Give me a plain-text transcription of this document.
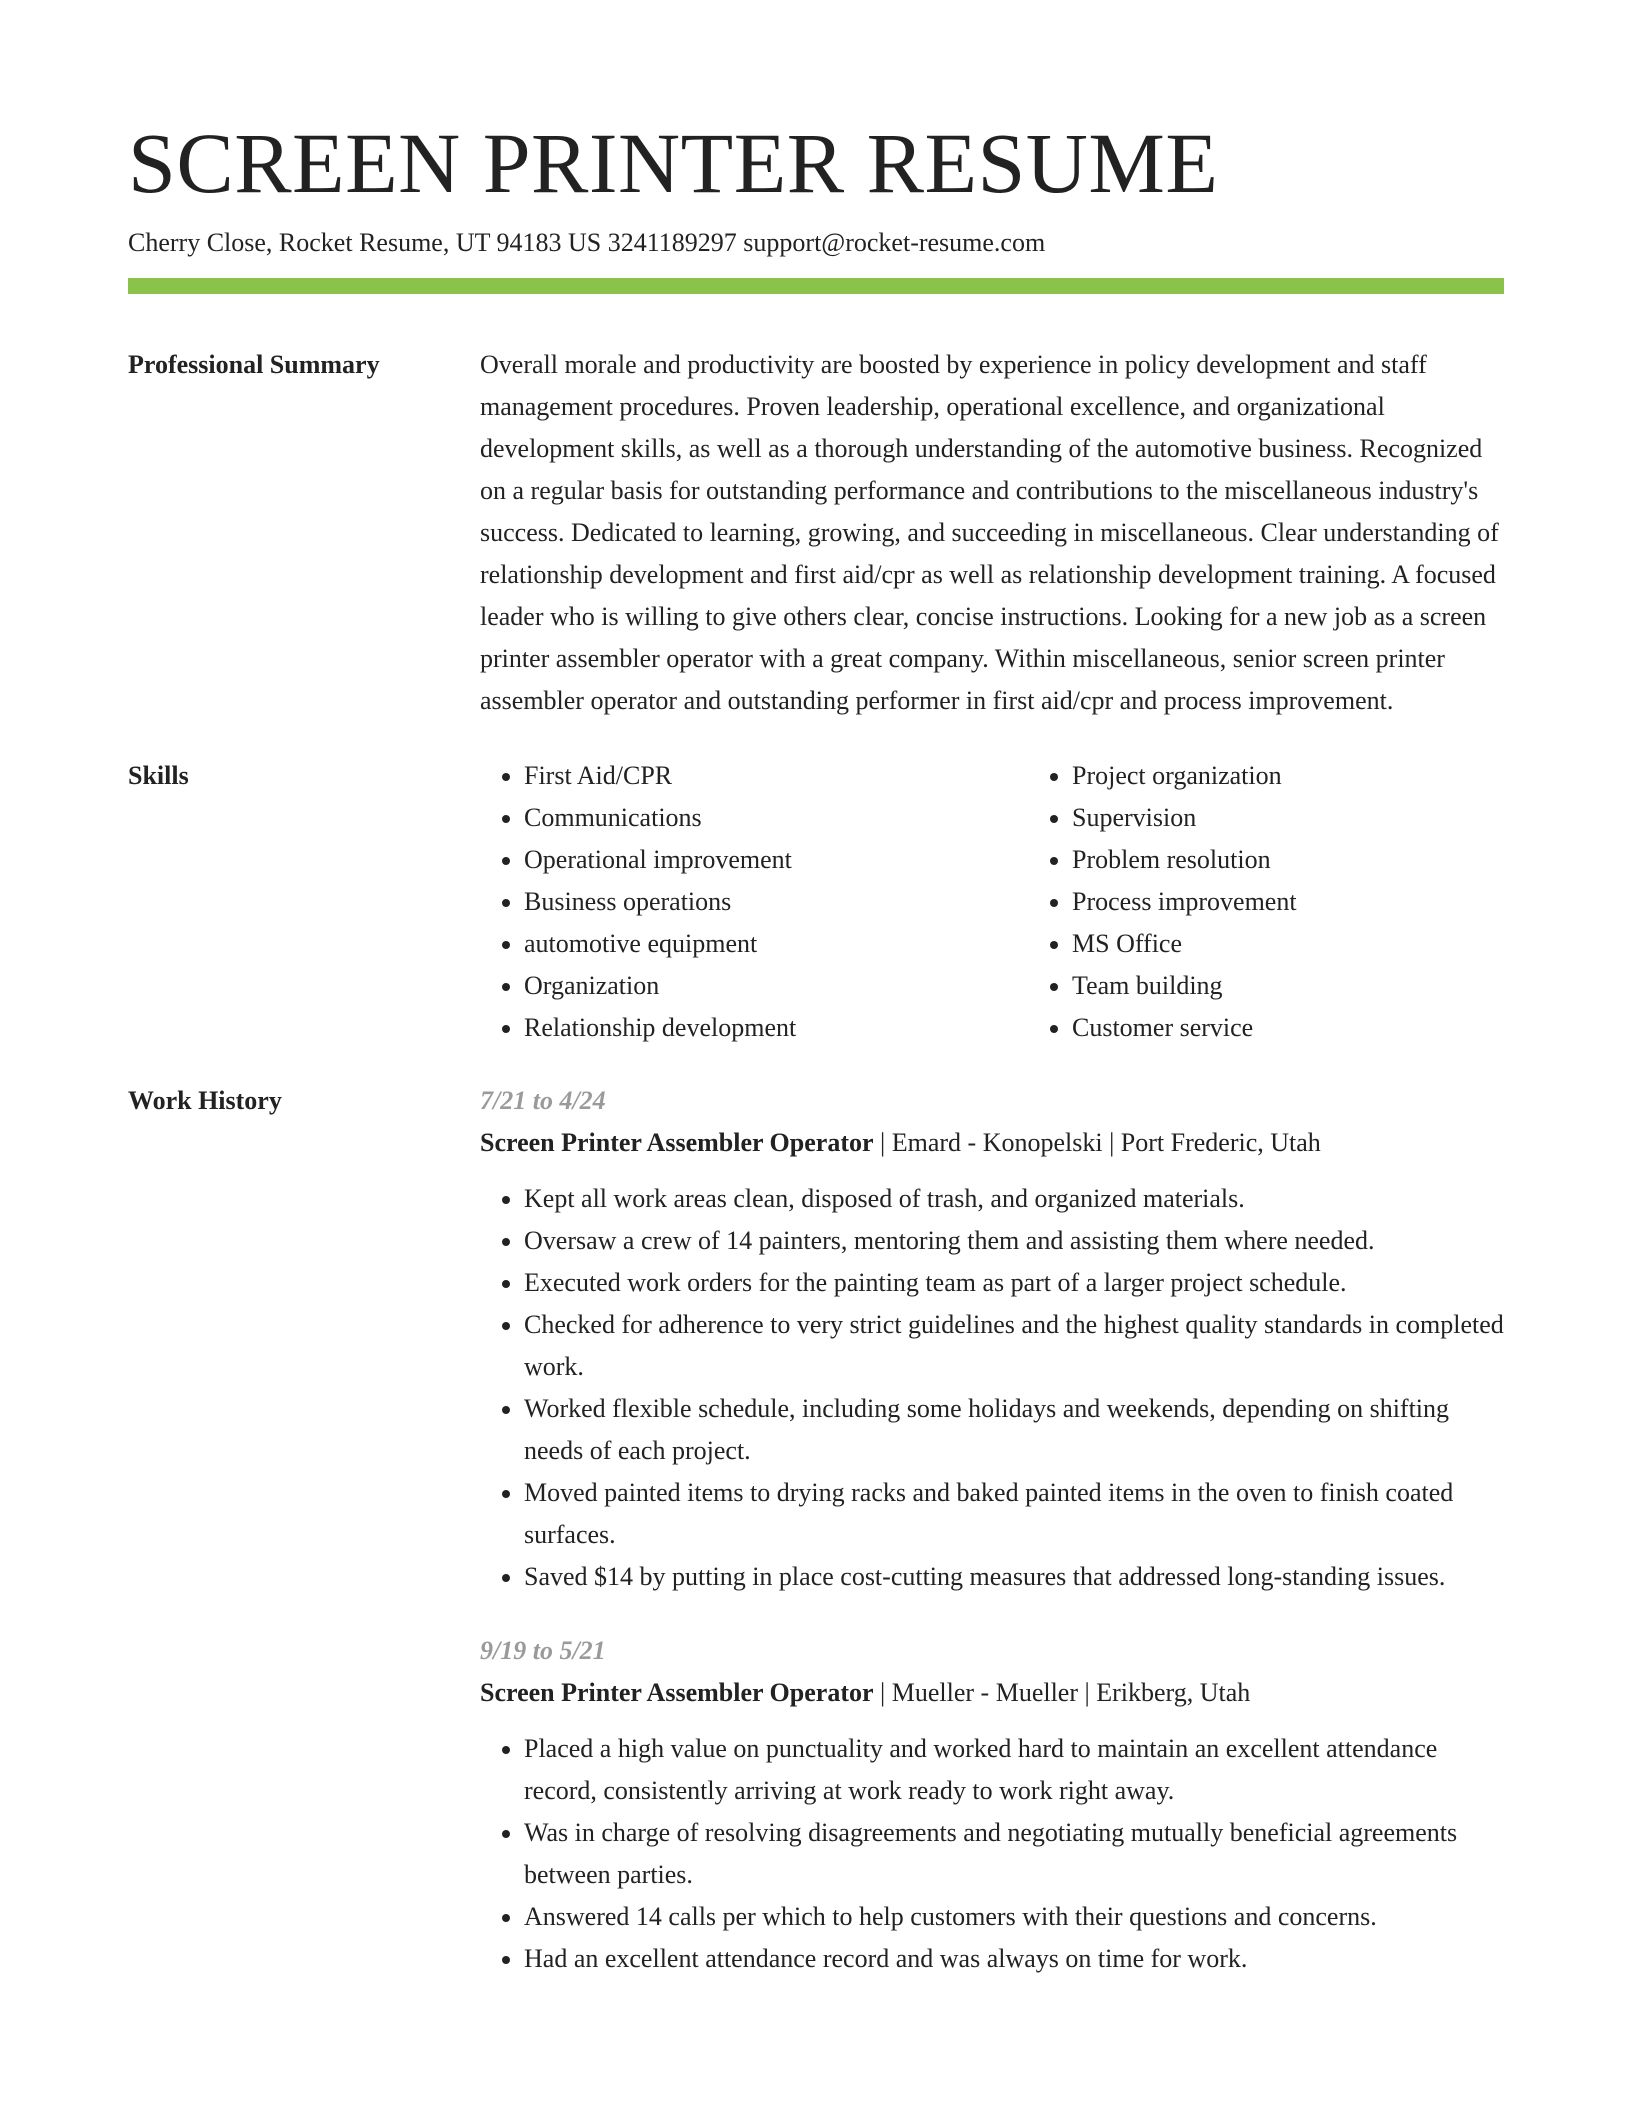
SCREEN PRINTER RESUME
Cherry Close, Rocket Resume, UT 94183 US 3241189297 support@rocket-resume.com
Professional Summary	Overall morale and productivity are boosted by experience in policy development and staff management procedures. Proven leadership, operational excellence, and organizational development skills, as well as a thorough understanding of the automotive business. Recognized on a regular basis for outstanding performance and contributions to the miscellaneous industry's success. Dedicated to learning, growing, and succeeding in miscellaneous. Clear understanding of relationship development and first aid/cpr as well as relationship development training. A focused leader who is willing to give others clear, concise instructions. Looking for a new job as a screen printer assembler operator with a great company. Within miscellaneous, senior screen printer assembler operator and outstanding performer in first aid/cpr and process improvement.
Skills
•	First Aid/CPR
• Communications
• Operational improvement
• Business operations
• automotive equipment
• Organization
• Relationship development
• Project organization
• Supervision
• Problem resolution
• Process improvement
• MS Office
• Team building
• Customer service
Work History	7/21 to 4/24
Screen Printer Assembler Operator | Emard - Konopelski | Port Frederic, Utah
• Kept all work areas clean, disposed of trash, and organized materials.
• Oversaw a crew of 14 painters, mentoring them and assisting them where needed.
• Executed work orders for the painting team as part of a larger project schedule.
• Checked for adherence to very strict guidelines and the highest quality standards in completed work.
• Worked flexible schedule, including some holidays and weekends, depending on shifting needs of each project.
• Moved painted items to drying racks and baked painted items in the oven to finish coated surfaces.
• Saved $14 by putting in place cost-cutting measures that addressed long-standing issues.
9/19 to 5/21
Screen Printer Assembler Operator | Mueller - Mueller | Erikberg, Utah
• Placed a high value on punctuality and worked hard to maintain an excellent attendance record, consistently arriving at work ready to work right away.
• Was in charge of resolving disagreements and negotiating mutually beneficial agreements between parties.
• Answered 14 calls per which to help customers with their questions and concerns.
• Had an excellent attendance record and was always on time for work.
